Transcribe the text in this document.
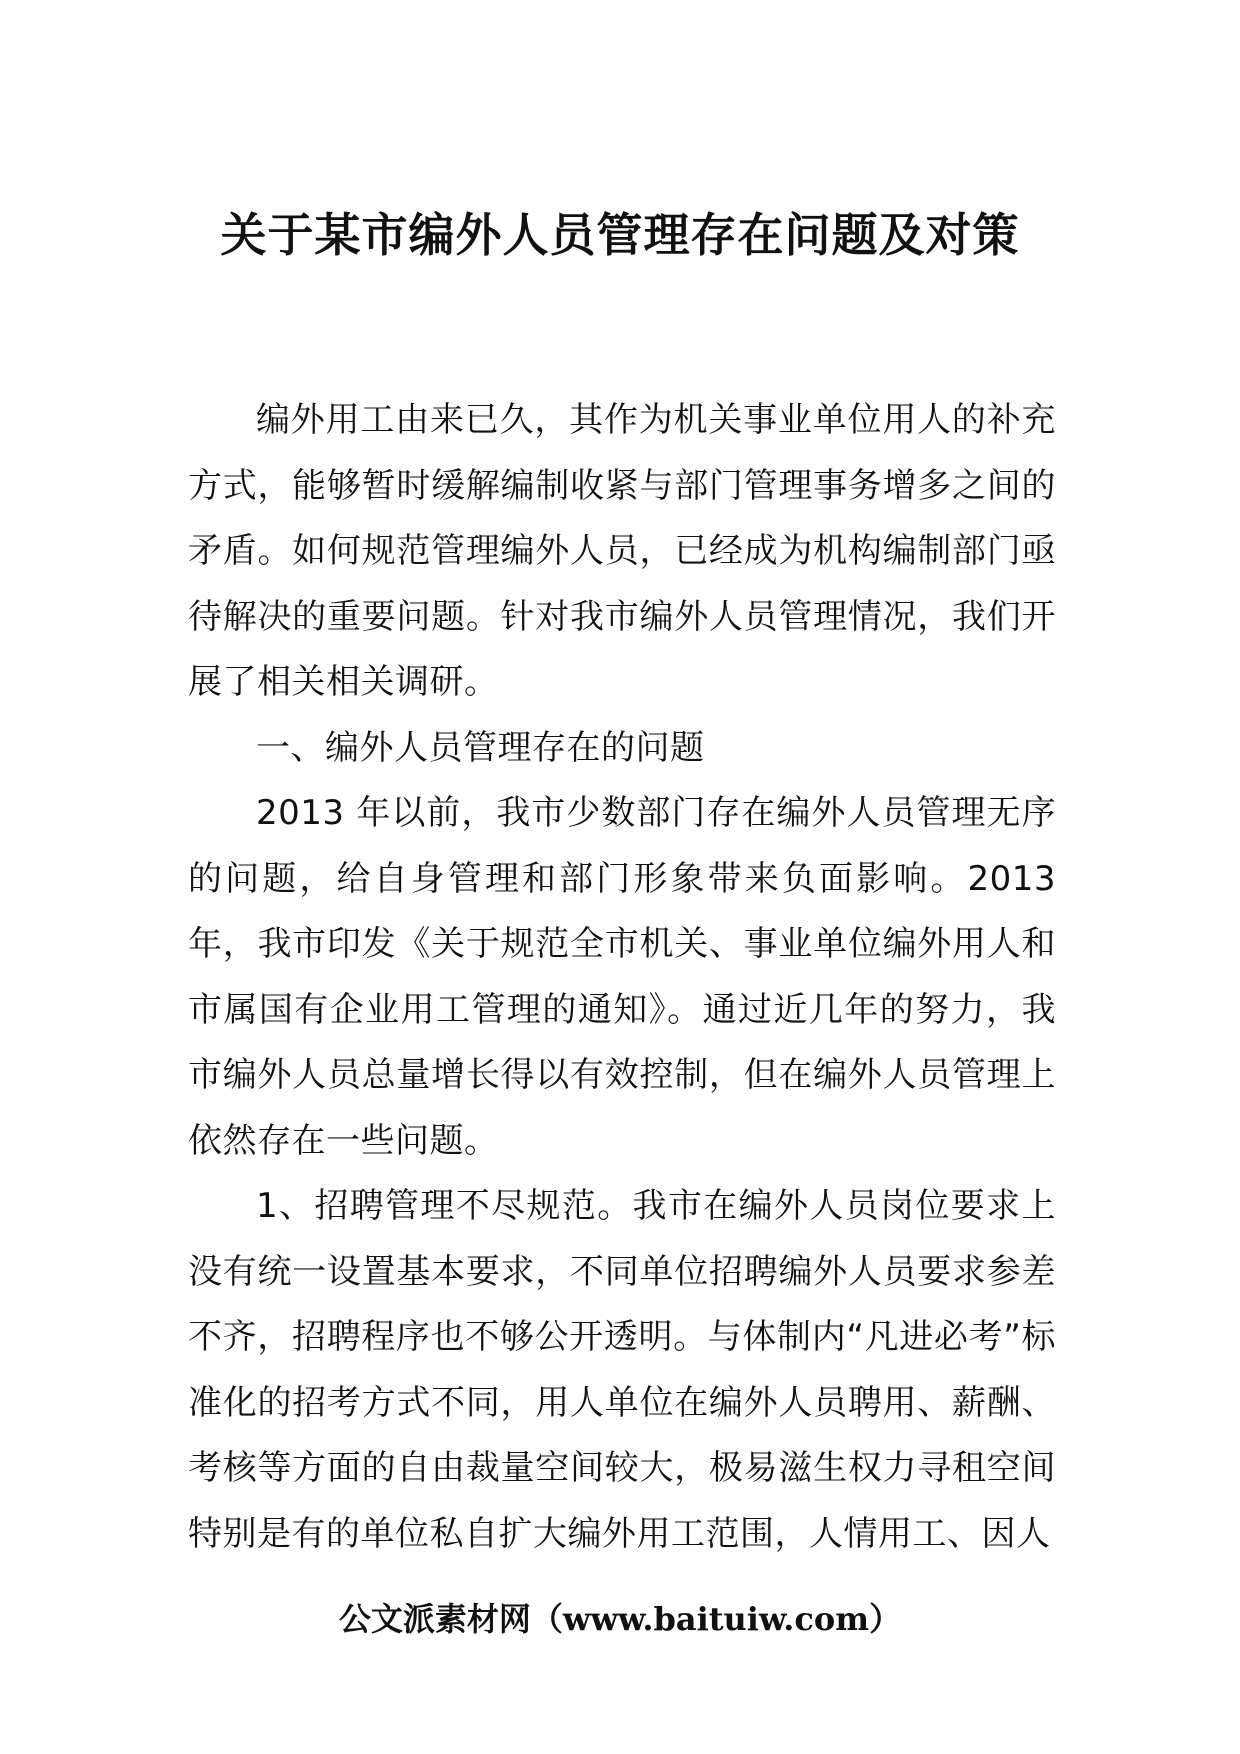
关于某市编外人员管理存在问题及对策

编外用工由来已久，其作为机关事业单位用人的补充方式，能够暂时缓解编制收紧与部门管理事务增多之间的矛盾。如何规范管理编外人员，已经成为机构编制部门亟待解决的重要问题。针对我市编外人员管理情况，我们开展了相关相关调研。

一、编外人员管理存在的问题

2013 年以前，我市少数部门存在编外人员管理无序的问题，给自身管理和部门形象带来负面影响。2013 年，我市印发《关于规范全市机关、事业单位编外用人和市属国有企业用工管理的通知》。通过近几年的努力，我市编外人员总量增长得以有效控制，但在编外人员管理上依然存在一些问题。

1、招聘管理不尽规范。我市在编外人员岗位要求上没有统一设置基本要求，不同单位招聘编外人员要求参差不齐，招聘程序也不够公开透明。与体制内“凡进必考”标准化的招考方式不同，用人单位在编外人员聘用、薪酬、考核等方面的自由裁量空间较大，极易滋生权力寻租空间特别是有的单位私自扩大编外用工范围，人情用工、因人

公文派素材网（www.baituiw.com）
